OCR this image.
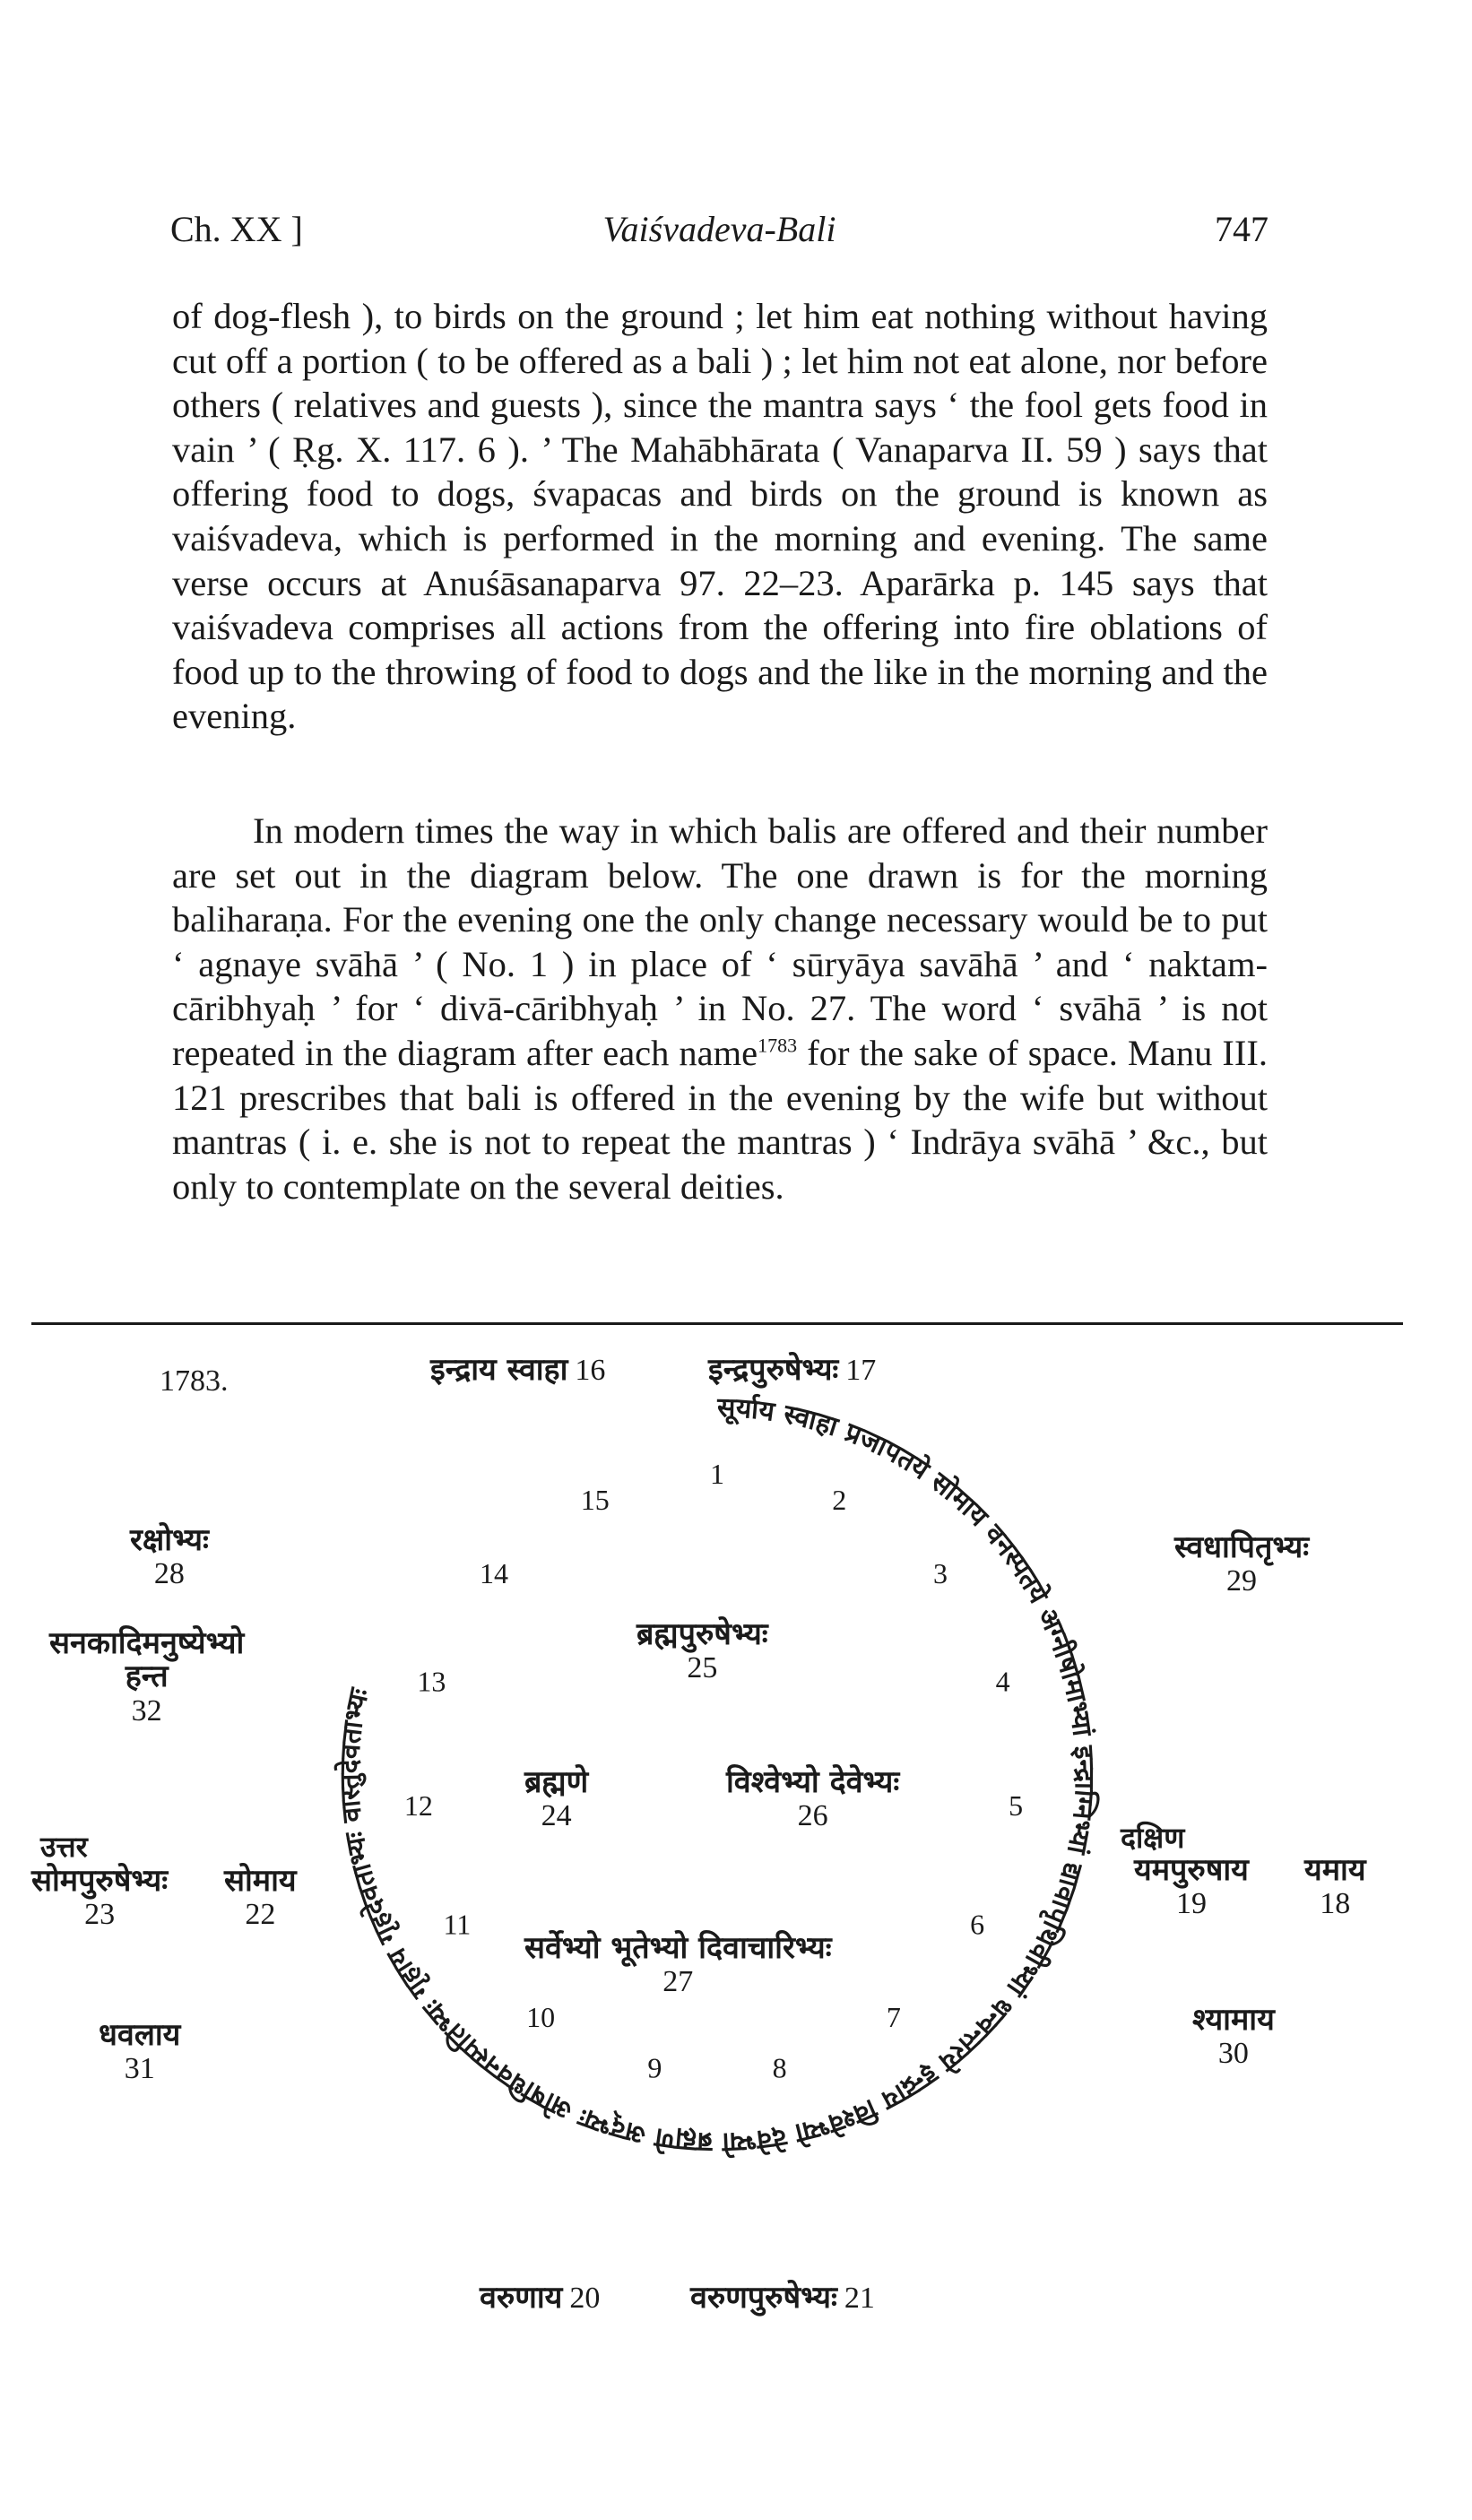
Ch. XX ]	Vaiśvadeva-Bali	747

of dog-flesh ), to birds on the ground ; let him eat nothing without having cut off a portion ( to be offered as a bali ) ; let him not eat alone, nor before others ( relatives and guests ), since the mantra says ‘ the fool gets food in vain ’ ( Ṛg. X. 117. 6 ). ’ The Mahābhārata ( Vanaparva II. 59 ) says that offering food to dogs, śvapacas and birds on the ground is known as vaiśvadeva, which is performed in the morning and evening. The same verse occurs at Anuśāsanaparva 97. 22–23. Aparārka p. 145 says that vaiśvadeva comprises all actions from the offering into fire oblations of food up to the throwing of food to dogs and the like in the morning and the evening.

In modern times the way in which balis are offered and their number are set out in the diagram below. The one drawn is for the morning baliharaṇa. For the evening one the only change necessary would be to put ‘ agnaye svāhā ’ ( No. 1 ) in place of ‘ sūryāya savāhā ’ and ‘ naktam-cāribhyaḥ ’ for ‘ divā-cāribhyaḥ ’ in No. 27. The word ‘ svāhā ’ is not repeated in the diagram after each name$^{1783}$ for the sake of space. Manu III. 121 prescribes that bali is offered in the evening by the wife but without mantras ( i. e. she is not to repeat the mantras ) ‘ Indrāya svāhā ’ &c., but only to contemplate on the several deities.

1783.
सूर्याय स्वाहा प्रजापतये सोमाय वनस्पतये अग्नीषोमाभ्यां इन्द्राग्निभ्यां द्यावापृथिवीभ्यां धन्वन्तरये इन्द्राय विश्वेभ्यो देवेभ्यो ब्रह्मणे अद्भ्यः ओषधिवनस्पतिभ्यः गृहाय गृहदेवताभ्यः वास्तुदेवताभ्यः
1
2
3
4
5
6
7
8
9
10
11
12
13
14
15
इन्द्राय स्वाहा 16	इन्द्रपुरुषेभ्यः 17
ब्रह्मपुरुषेभ्यः
25
ब्रह्मणे
24
विश्वेभ्यो देवेभ्यः
26
सर्वेभ्यो भूतेभ्यो दिवाचारिभ्यः
27
रक्षोभ्यः
28
सनकादिमनुष्येभ्यो
हन्त
32
उत्तर
सोमपुरुषेभ्यः
23
सोमाय
22
धवलाय
31
स्वधापितृभ्यः
29
दक्षिण
यमपुरुषाय
19
यमाय
18
श्यामाय
30
वरुणाय 20	वरुणपुरुषेभ्यः 21
